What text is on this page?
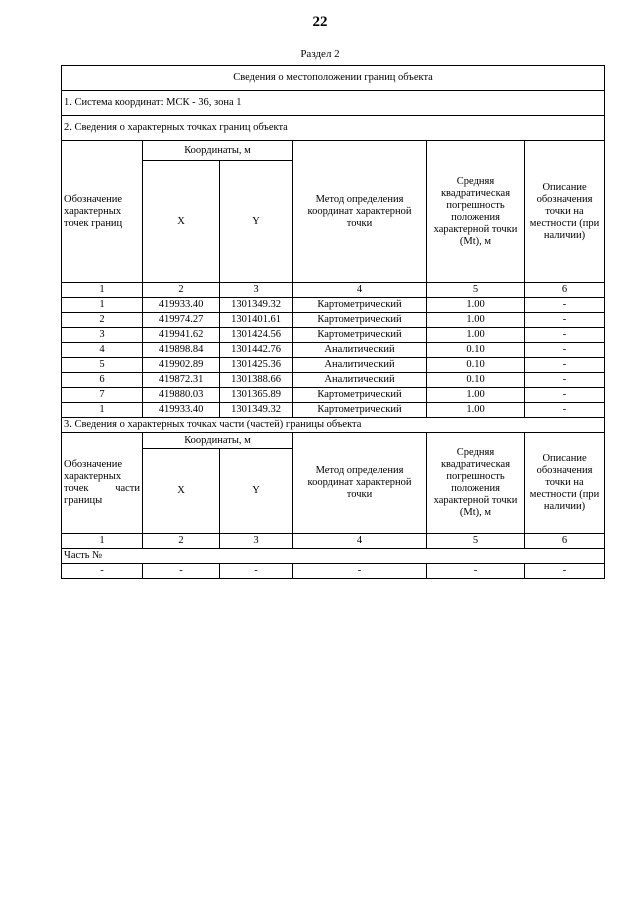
22
Раздел 2
Сведения о местоположении границ объекта					
1. Система координат: МСК - 36, зона 1					
2. Сведения о характерных точках границ объекта					
Обозначение характерных точек границ	Координаты, м		Метод определения координат характерной точки	Средняя квадратическая погрешность положения характерной точки (Mt), м	Описание обозначения точки на местности (при наличии)
	X	Y			
1	2	3	4	5	6
1	419933.40	1301349.32	Картометрический	1.00	-
2	419974.27	1301401.61	Картометрический	1.00	-
3	419941.62	1301424.56	Картометрический	1.00	-
4	419898.84	1301442.76	Аналитический	0.10	-
5	419902.89	1301425.36	Аналитический	0.10	-
6	419872.31	1301388.66	Аналитический	0.10	-
7	419880.03	1301365.89	Картометрический	1.00	-
1	419933.40	1301349.32	Картометрический	1.00	-
3. Сведения о характерных точках части (частей) границы объекта					
Обозначение характерных точек части границы	Координаты, м		Метод определения координат характерной точки	Средняя квадратическая погрешность положения характерной точки (Mt), м	Описание обозначения точки на местности (при наличии)
	X	Y			
1	2	3	4	5	6
Часть №					
-	-	-	-	-	-
